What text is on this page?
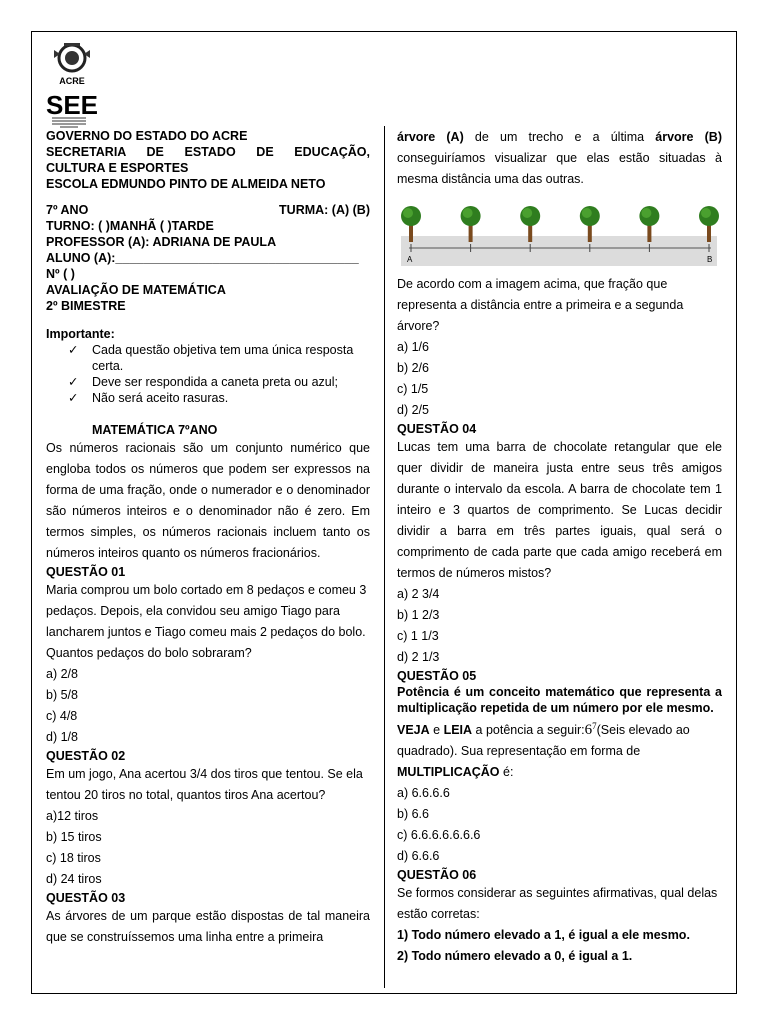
ACRE
SEE
GOVERNO DO ESTADO DO ACRE
SECRETARIA DE ESTADO DE EDUCAÇÃO,
CULTURA E ESPORTES
ESCOLA EDMUNDO PINTO DE ALMEIDA NETO
7º ANO	TURMA: (A) (B)
TURNO: ( )MANHÃ ( )TARDE
PROFESSOR (A): ADRIANA DE PAULA
ALUNO (A):___________________________________
Nº ( )
AVALIAÇÃO DE MATEMÁTICA
2º BIMESTRE
Importante:
✓ Cada questão objetiva tem uma única resposta certa.
✓ Deve ser respondida a caneta preta ou azul;
✓ Não será aceito rasuras.
MATEMÁTICA 7ºANO

Os números racionais são um conjunto numérico que engloba todos os números que podem ser expressos na forma de uma fração, onde o numerador e o denominador são números inteiros e o denominador não é zero. Em termos simples, os números racionais incluem tanto os números inteiros quanto os números fracionários.

QUESTÃO 01

Maria comprou um bolo cortado em 8 pedaços e comeu 3 pedaços. Depois, ela convidou seu amigo Tiago para lancharem juntos e Tiago comeu mais 2 pedaços do bolo. Quantos pedaços do bolo sobraram?

a) 2/8

b) 5/8

c) 4/8

d) 1/8

QUESTÃO 02

Em um jogo, Ana acertou 3/4 dos tiros que tentou. Se ela tentou 20 tiros no total, quantos tiros Ana acertou?

a)12 tiros

b) 15 tiros

c) 18 tiros

d) 24 tiros

QUESTÃO 03

As árvores de um parque estão dispostas de tal maneira que se construíssemos uma linha entre a primeira

árvore (A) de um trecho e a última árvore (B) conseguiríamos visualizar que elas estão situadas à mesma distância uma das outras.

A	B

De acordo com a imagem acima, que fração que representa a distância entre a primeira e a segunda árvore?

a) 1/6

b) 2/6

c) 1/5

d) 2/5

QUESTÃO 04

Lucas tem uma barra de chocolate retangular que ele quer dividir de maneira justa entre seus três amigos durante o intervalo da escola. A barra de chocolate tem 1 inteiro e 3 quartos de comprimento. Se Lucas decidir dividir a barra em três partes iguais, qual será o comprimento de cada parte que cada amigo receberá em termos de números mistos?

a) 2 3/4

b) 1 2/3

c) 1 1/3

d) 2 1/3

QUESTÃO 05

Potência é um conceito matemático que representa a multiplicação repetida de um número por ele mesmo.

VEJA e LEIA a potência a $seguir:6^7(Seis$ elevado ao quadrado). Sua representação em forma de

MULTIPLICAÇÃO é:

a) 6.6.6.6

b) 6.6

c) 6.6.6.6.6.6.6

d) 6.6.6

QUESTÃO 06

Se formos considerar as seguintes afirmativas, qual delas estão corretas:

1) Todo número elevado a 1, é igual a ele mesmo.

2) Todo número elevado a 0, é igual a 1.
